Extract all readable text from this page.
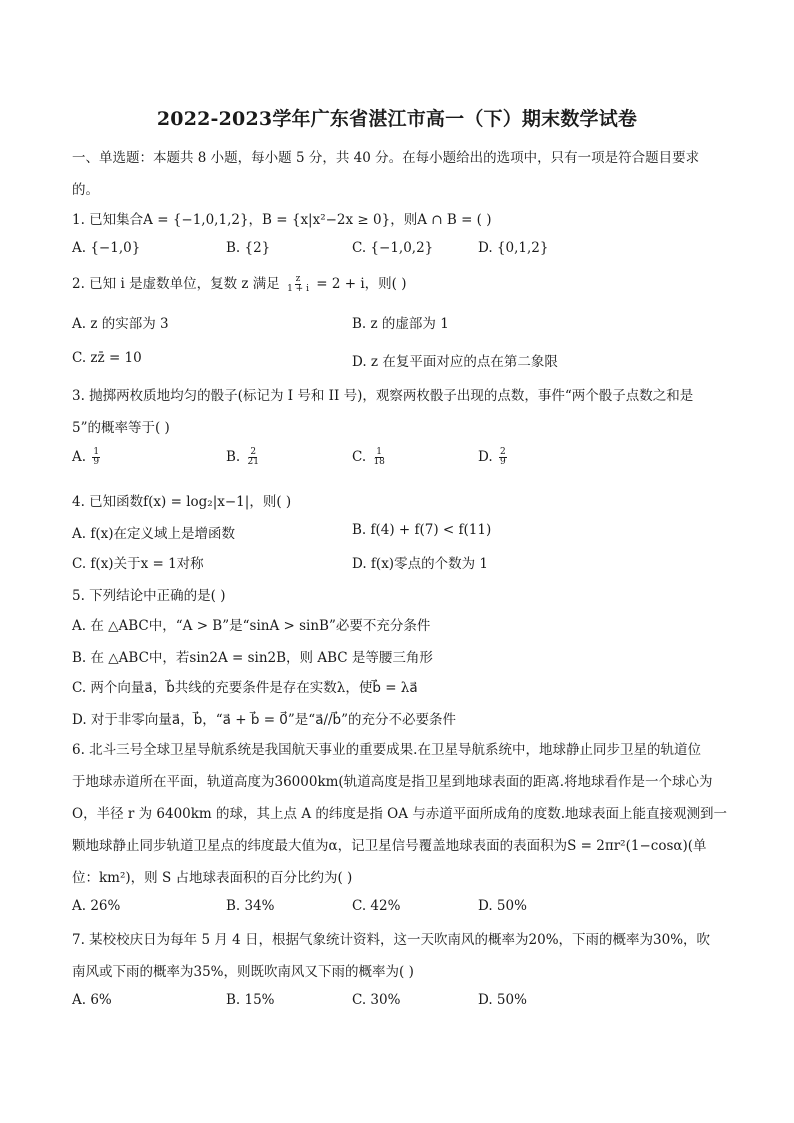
2022-2023学年广东省湛江市高一（下）期末数学试卷
一、单选题：本题共 8 小题，每小题 5 分，共 40 分。在每小题给出的选项中，只有一项是符合题目要求
的。
1. 已知集合A = {−1,0,1,2}，B = {x|x²−2x ≥ 0}，则A ∩ B = ( )
A. {−1,0}	B. {2}	C. {−1,0,2}	D. {0,1,2}
2. 已知 i 是虚数单位，复数 z 满足 $\frac{z}{1 + i} = 2 + i$，则( )
A. z 的实部为 3	B. z 的虚部为 1
C. zz̄ = 10	D. z 在复平面对应的点在第二象限
3. 抛掷两枚质地均匀的骰子(标记为 I 号和 II 号)，观察两枚骰子出现的点数，事件“两个骰子点数之和是
5”的概率等于( )
A. $\frac{1}{9}$	B. $\frac{2}{21}$	C. $\frac{1}{18}$	D. $\frac{2}{9}$
4. 已知函数f(x) = log₂|x−1|，则( )
A. f(x)在定义域上是增函数	B. f(4) + f(7) < f(11)
C. f(x)关于x = 1对称	D. f(x)零点的个数为 1
5. 下列结论中正确的是( )
A. 在 △ABC中，“A > B”是“sinA > sinB”必要不充分条件
B. 在 △ABC中，若sin2A = sin2B，则 ABC 是等腰三角形
C. 两个向量a⃗，b⃗共线的充要条件是存在实数λ，使b⃗ = λa⃗
D. 对于非零向量a⃗，b⃗，“a⃗ + b⃗ = 0⃗”是“a⃗//b⃗”的充分不必要条件
6. 北斗三号全球卫星导航系统是我国航天事业的重要成果.在卫星导航系统中，地球静止同步卫星的轨道位
于地球赤道所在平面，轨道高度为36000km(轨道高度是指卫星到地球表面的距离.将地球看作是一个球心为
O，半径 r 为 6400km 的球，其上点 A 的纬度是指 OA 与赤道平面所成角的度数.地球表面上能直接观测到一
颗地球静止同步轨道卫星点的纬度最大值为α，记卫星信号覆盖地球表面的表面积为S = 2πr²(1−cosα)(单
位：km²)，则 S 占地球表面积的百分比约为( )
A. 26%	B. 34%	C. 42%	D. 50%
7. 某校校庆日为每年 5 月 4 日，根据气象统计资料，这一天吹南风的概率为20%，下雨的概率为30%，吹
南风或下雨的概率为35%，则既吹南风又下雨的概率为( )
A. 6%	B. 15%	C. 30%	D. 50%
